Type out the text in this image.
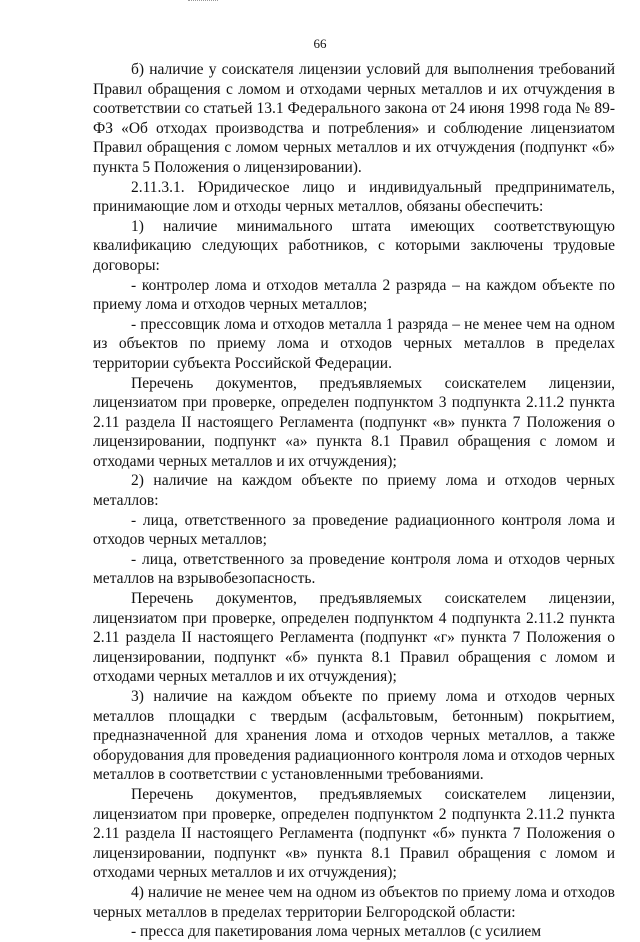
66

б) наличие у соискателя лицензии условий для выполнения требований Правил обращения с ломом и отходами черных металлов и их отчуждения в соответствии со статьей 13.1 Федерального закона от 24 июня 1998 года № 89-ФЗ «Об отходах производства и потребления» и соблюдение лицензиатом Правил обращения с ломом черных металлов и их отчуждения (подпункт «б» пункта 5 Положения о лицензировании).

2.11.3.1. Юридическое лицо и индивидуальный предприниматель, принимающие лом и отходы черных металлов, обязаны обеспечить:

1) наличие минимального штата имеющих соответствующую квалификацию следующих работников, с которыми заключены трудовые договоры:

- контролер лома и отходов металла 2 разряда – на каждом объекте по приему лома и отходов черных металлов;

- прессовщик лома и отходов металла 1 разряда – не менее чем на одном из объектов по приему лома и отходов черных металлов в пределах территории субъекта Российской Федерации.

Перечень документов, предъявляемых соискателем лицензии, лицензиатом при проверке, определен подпунктом 3 подпункта 2.11.2 пункта 2.11 раздела II настоящего Регламента (подпункт «в» пункта 7 Положения о лицензировании, подпункт «а» пункта 8.1 Правил обращения с ломом и отходами черных металлов и их отчуждения);

2) наличие на каждом объекте по приему лома и отходов черных металлов:

- лица, ответственного за проведение радиационного контроля лома и отходов черных металлов;

- лица, ответственного за проведение контроля лома и отходов черных металлов на взрывобезопасность.

Перечень документов, предъявляемых соискателем лицензии, лицензиатом при проверке, определен подпунктом 4 подпункта 2.11.2 пункта 2.11 раздела II настоящего Регламента (подпункт «г» пункта 7 Положения о лицензировании, подпункт «б» пункта 8.1 Правил обращения с ломом и отходами черных металлов и их отчуждения);

3) наличие на каждом объекте по приему лома и отходов черных металлов площадки с твердым (асфальтовым, бетонным) покрытием, предназначенной для хранения лома и отходов черных металлов, а также оборудования для проведения радиационного контроля лома и отходов черных металлов в соответствии с установленными требованиями.

Перечень документов, предъявляемых соискателем лицензии, лицензиатом при проверке, определен подпунктом 2 подпункта 2.11.2 пункта 2.11 раздела II настоящего Регламента (подпункт «б» пункта 7 Положения о лицензировании, подпункт «в» пункта 8.1 Правил обращения с ломом и отходами черных металлов и их отчуждения);

4) наличие не менее чем на одном из объектов по приему лома и отходов черных металлов в пределах территории Белгородской области:

- пресса для пакетирования лома черных металлов (с усилием
